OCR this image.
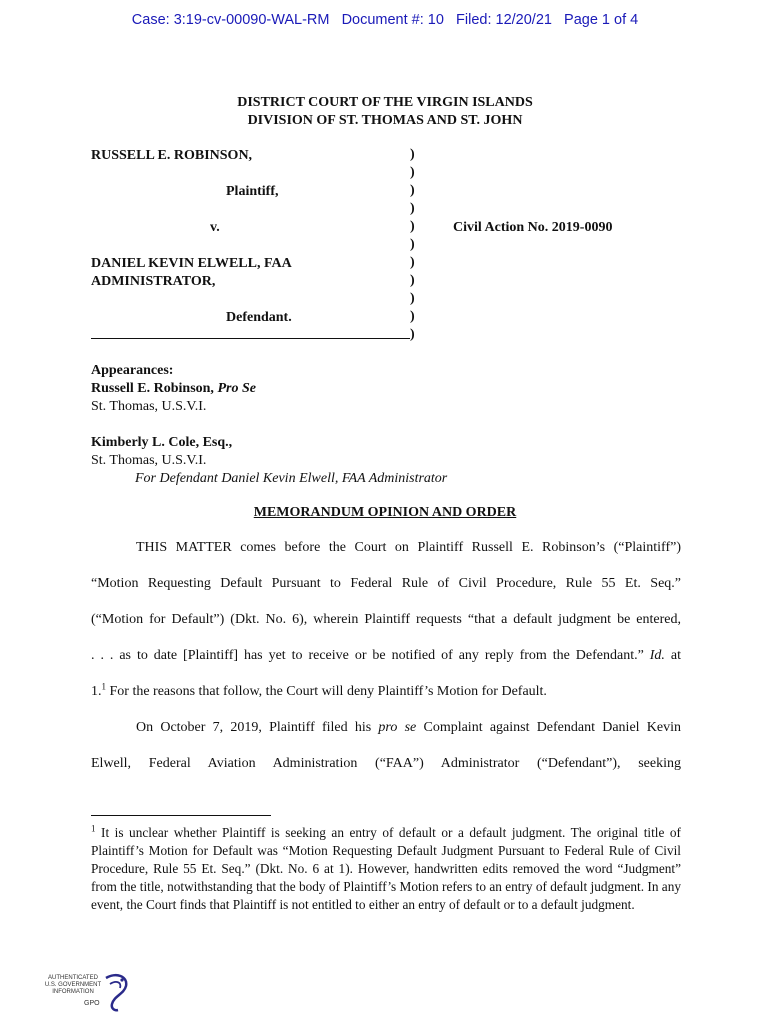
Case: 3:19-cv-00090-WAL-RM   Document #: 10   Filed: 12/20/21   Page 1 of 4
DISTRICT COURT OF THE VIRGIN ISLANDS
DIVISION OF ST. THOMAS AND ST. JOHN
RUSSELL E. ROBINSON,
Plaintiff,
v.
DANIEL KEVIN ELWELL, FAA
ADMINISTRATOR,
Defendant.
)
)
)
)
)
)
)
)
)
)
)
Civil Action No. 2019-0090
Appearances:
Russell E. Robinson, Pro Se
St. Thomas, U.S.V.I.
Kimberly L. Cole, Esq.,
St. Thomas, U.S.V.I.
For Defendant Daniel Kevin Elwell, FAA Administrator
MEMORANDUM OPINION AND ORDER
THIS MATTER comes before the Court on Plaintiff Russell E. Robinson’s (“Plaintiff”)
“Motion Requesting Default Pursuant to Federal Rule of Civil Procedure, Rule 55 Et. Seq.”
(“Motion for Default”) (Dkt. No. 6), wherein Plaintiff requests “that a default judgment be entered,
. . . as to date [Plaintiff] has yet to receive or be notified of any reply from the Defendant.” Id. at
1.$^1$ For the reasons that follow, the Court will deny Plaintiff’s Motion for Default.
On October 7, 2019, Plaintiff filed his pro se Complaint against Defendant Daniel Kevin
Elwell, Federal Aviation Administration (“FAA”) Administrator (“Defendant”), seeking
$^1$ It is unclear whether Plaintiff is seeking an entry of default or a default judgment. The original title of Plaintiff’s Motion for Default was “Motion Requesting Default Judgment Pursuant to Federal Rule of Civil Procedure, Rule 55 Et. Seq.” (Dkt. No. 6 at 1). However, handwritten edits removed the word “Judgment” from the title, notwithstanding that the body of Plaintiff’s Motion refers to an entry of default judgment. In any event, the Court finds that Plaintiff is not entitled to either an entry of default or to a default judgment.
AUTHENTICATED
U.S. GOVERNMENT
INFORMATION
GPO
